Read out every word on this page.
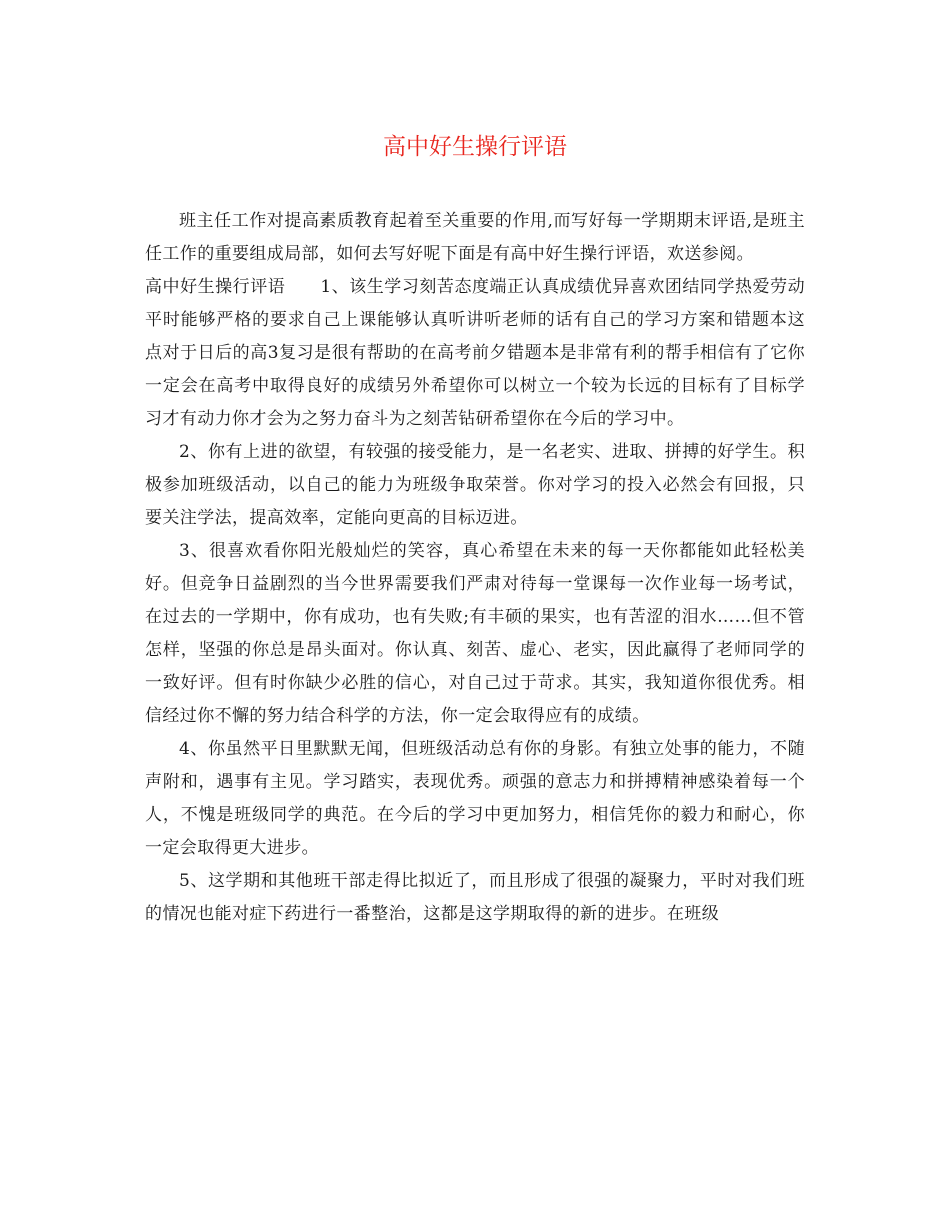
高中好生操行评语

班主任工作对提高素质教育起着至关重要的作用,而写好每一学期期末评语,是班主任工作的重要组成局部，如何去写好呢下面是有高中好生操行评语，欢送参阅。

高中好生操行评语　　1、该生学习刻苦态度端正认真成绩优异喜欢团结同学热爱劳动平时能够严格的要求自己上课能够认真听讲听老师的话有自己的学习方案和错题本这点对于日后的高3复习是很有帮助的在高考前夕错题本是非常有利的帮手相信有了它你一定会在高考中取得良好的成绩另外希望你可以树立一个较为长远的目标有了目标学习才有动力你才会为之努力奋斗为之刻苦钻研希望你在今后的学习中。

2、你有上进的欲望，有较强的接受能力，是一名老实、进取、拼搏的好学生。积极参加班级活动，以自己的能力为班级争取荣誉。你对学习的投入必然会有回报，只要关注学法，提高效率，定能向更高的目标迈进。

3、很喜欢看你阳光般灿烂的笑容，真心希望在未来的每一天你都能如此轻松美好。但竞争日益剧烈的当今世界需要我们严肃对待每一堂课每一次作业每一场考试，在过去的一学期中，你有成功，也有失败;有丰硕的果实，也有苦涩的泪水……但不管怎样，坚强的你总是昂头面对。你认真、刻苦、虚心、老实，因此赢得了老师同学的一致好评。但有时你缺少必胜的信心，对自己过于苛求。其实，我知道你很优秀。相信经过你不懈的努力结合科学的方法，你一定会取得应有的成绩。

4、你虽然平日里默默无闻，但班级活动总有你的身影。有独立处事的能力，不随声附和，遇事有主见。学习踏实，表现优秀。顽强的意志力和拼搏精神感染着每一个人，不愧是班级同学的典范。在今后的学习中更加努力，相信凭你的毅力和耐心，你一定会取得更大进步。

5、这学期和其他班干部走得比拟近了，而且形成了很强的凝聚力，平时对我们班的情况也能对症下药进行一番整治，这都是这学期取得的新的进步。在班级
